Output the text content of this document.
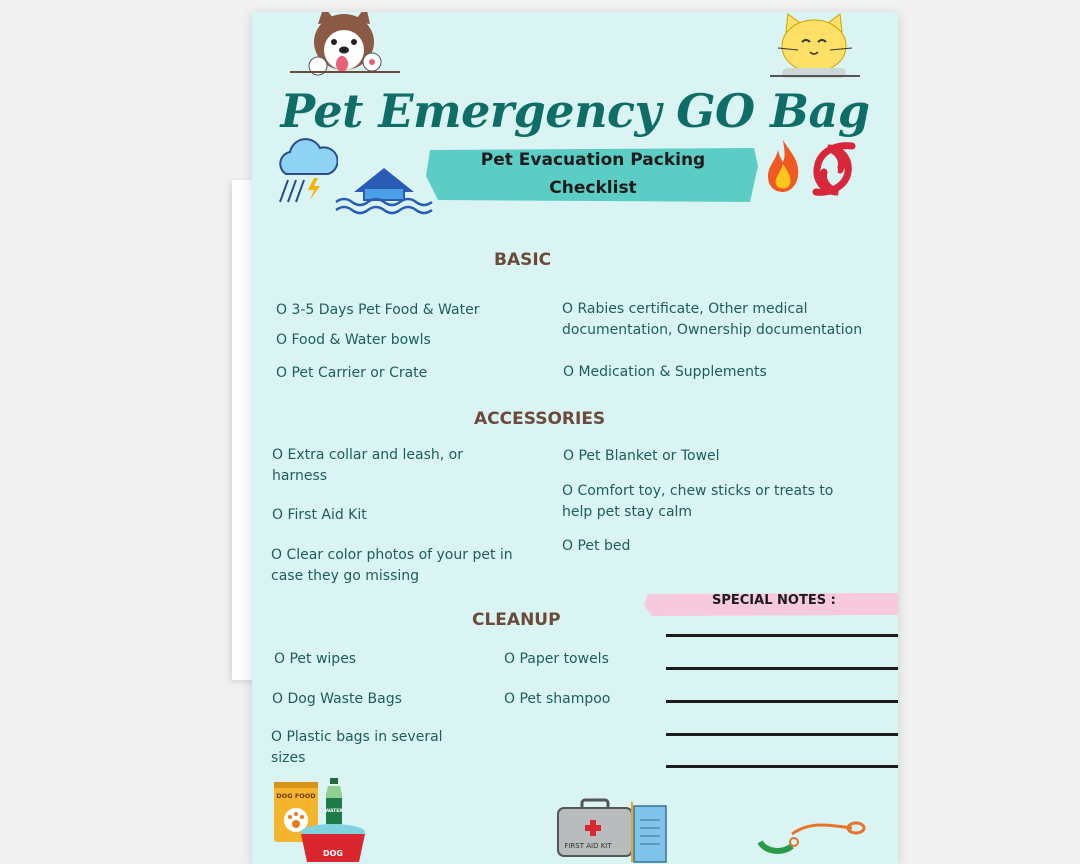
Pet Emergency GO Bag
Pet Evacuation Packing Checklist
BASIC
O 3-5 Days Pet Food & Water
O Food & Water bowls
O Pet Carrier or Crate
O Rabies certificate, Other medical documentation, Ownership documentation
O Medication & Supplements
ACCESSORIES
O Extra collar and leash, or harness
O First Aid Kit
O Clear color photos of your pet in case they go missing
O Pet Blanket or Towel
O Comfort toy, chew sticks or treats to help pet stay calm
O Pet bed
CLEANUP
O Pet wipes
O Dog Waste Bags
O Plastic bags in several sizes
O Paper towels
O Pet shampoo
SPECIAL NOTES :
DOG FOOD
WATER
DOG
FIRST AID KIT
